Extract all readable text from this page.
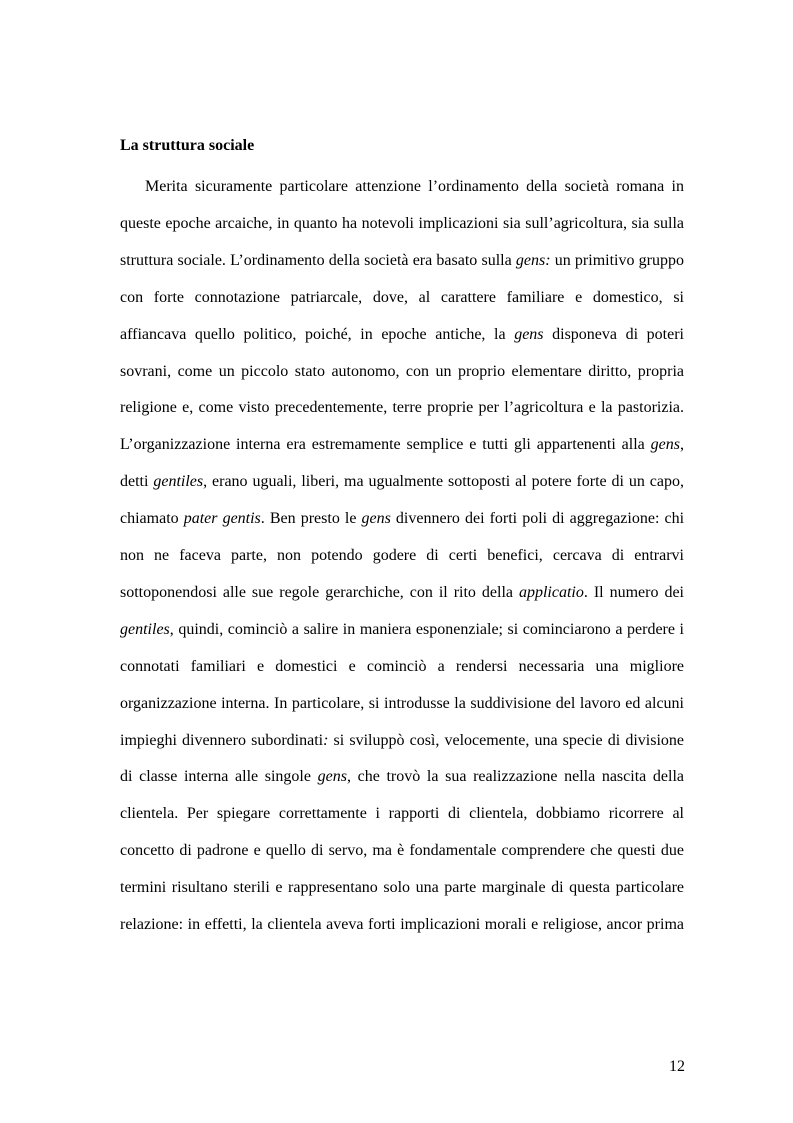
La struttura sociale
Merita sicuramente particolare attenzione l’ordinamento della società romana in
queste epoche arcaiche, in quanto ha notevoli implicazioni sia sull’agricoltura, sia sulla
struttura sociale. L’ordinamento della società era basato sulla gens: un primitivo gruppo
con forte connotazione patriarcale, dove, al carattere familiare e domestico, si
affiancava quello politico, poiché, in epoche antiche, la gens disponeva di poteri
sovrani, come un piccolo stato autonomo, con un proprio elementare diritto, propria
religione e, come visto precedentemente, terre proprie per l’agricoltura e la pastorizia.
L’organizzazione interna era estremamente semplice e tutti gli appartenenti alla gens,
detti gentiles, erano uguali, liberi, ma ugualmente sottoposti al potere forte di un capo,
chiamato pater gentis. Ben presto le gens divennero dei forti poli di aggregazione: chi
non ne faceva parte, non potendo godere di certi benefici, cercava di entrarvi
sottoponendosi alle sue regole gerarchiche, con il rito della applicatio. Il numero dei
gentiles, quindi, cominciò a salire in maniera esponenziale; si cominciarono a perdere i
connotati familiari e domestici e cominciò a rendersi necessaria una migliore
organizzazione interna. In particolare, si introdusse la suddivisione del lavoro ed alcuni
impieghi divennero subordinati: si sviluppò così, velocemente, una specie di divisione
di classe interna alle singole gens, che trovò la sua realizzazione nella nascita della
clientela. Per spiegare correttamente i rapporti di clientela, dobbiamo ricorrere al
concetto di padrone e quello di servo, ma è fondamentale comprendere che questi due
termini risultano sterili e rappresentano solo una parte marginale di questa particolare
relazione: in effetti, la clientela aveva forti implicazioni morali e religiose, ancor prima
12
